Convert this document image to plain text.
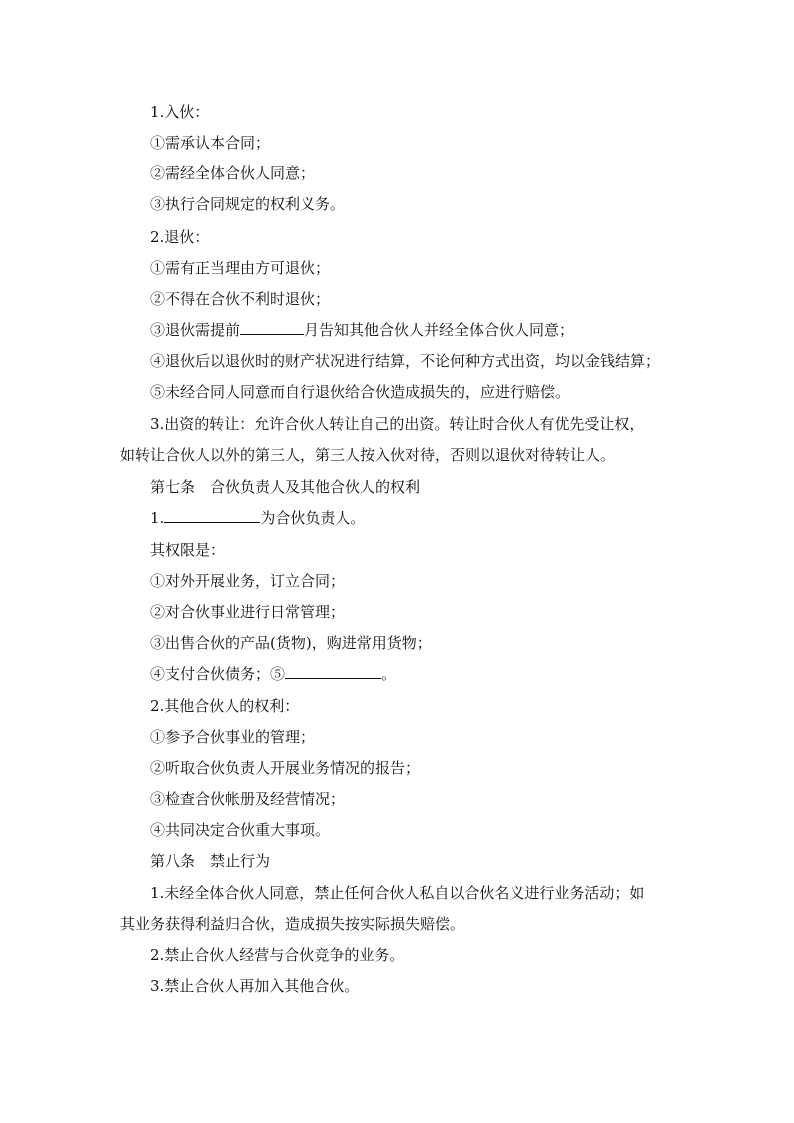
1.入伙：
①需承认本合同；
②需经全体合伙人同意；
③执行合同规定的权利义务。
2.退伙：
①需有正当理由方可退伙；
②不得在合伙不利时退伙；
③退伙需提前	月告知其他合伙人并经全体合伙人同意；
④退伙后以退伙时的财产状况进行结算，不论何种方式出资，均以金钱结算；
⑤未经合同人同意而自行退伙给合伙造成损失的，应进行赔偿。
3.出资的转让：允许合伙人转让自己的出资。转让时合伙人有优先受让权，
如转让合伙人以外的第三人，第三人按入伙对待，否则以退伙对待转让人。
第七条　合伙负责人及其他合伙人的权利
1.	为合伙负责人。
其权限是：
①对外开展业务，订立合同；
②对合伙事业进行日常管理；
③出售合伙的产品(货物)，购进常用货物；
④支付合伙债务；⑤	。
2.其他合伙人的权利：
①参予合伙事业的管理；
②听取合伙负责人开展业务情况的报告；
③检查合伙帐册及经营情况；
④共同决定合伙重大事项。
第八条　禁止行为
1.未经全体合伙人同意，禁止任何合伙人私自以合伙名义进行业务活动；如
其业务获得利益归合伙，造成损失按实际损失赔偿。
2.禁止合伙人经营与合伙竞争的业务。
3.禁止合伙人再加入其他合伙。
